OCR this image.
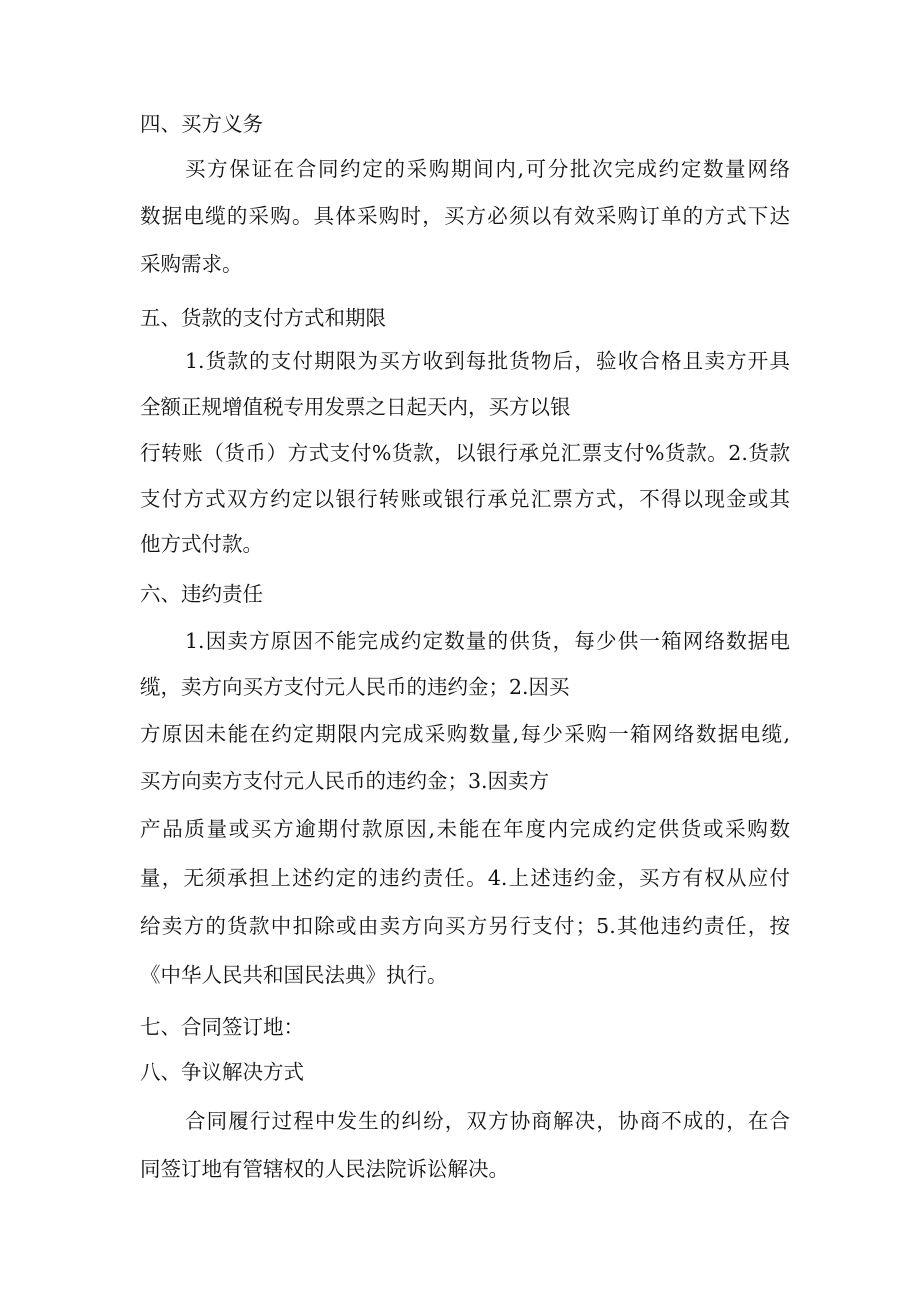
四、买方义务

买方保证在合同约定的采购期间内,可分批次完成约定数量网络

数据电缆的采购。具体采购时，买方必须以有效采购订单的方式下达

采购需求。

五、货款的支付方式和期限

1.货款的支付期限为买方收到每批货物后，验收合格且卖方开具

全额正规增值税专用发票之日起天内，买方以银

行转账（货币）方式支付%货款，以银行承兑汇票支付%货款。2.货款

支付方式双方约定以银行转账或银行承兑汇票方式，不得以现金或其

他方式付款。

六、违约责任

1.因卖方原因不能完成约定数量的供货，每少供一箱网络数据电

缆，卖方向买方支付元人民币的违约金；2.因买

方原因未能在约定期限内完成采购数量,每少采购一箱网络数据电缆,

买方向卖方支付元人民币的违约金；3.因卖方

产品质量或买方逾期付款原因,未能在年度内完成约定供货或采购数

量，无须承担上述约定的违约责任。4.上述违约金，买方有权从应付

给卖方的货款中扣除或由卖方向买方另行支付；5.其他违约责任，按

《中华人民共和国民法典》执行。

七、合同签订地：

八、争议解决方式

合同履行过程中发生的纠纷，双方协商解决，协商不成的，在合

同签订地有管辖权的人民法院诉讼解决。
